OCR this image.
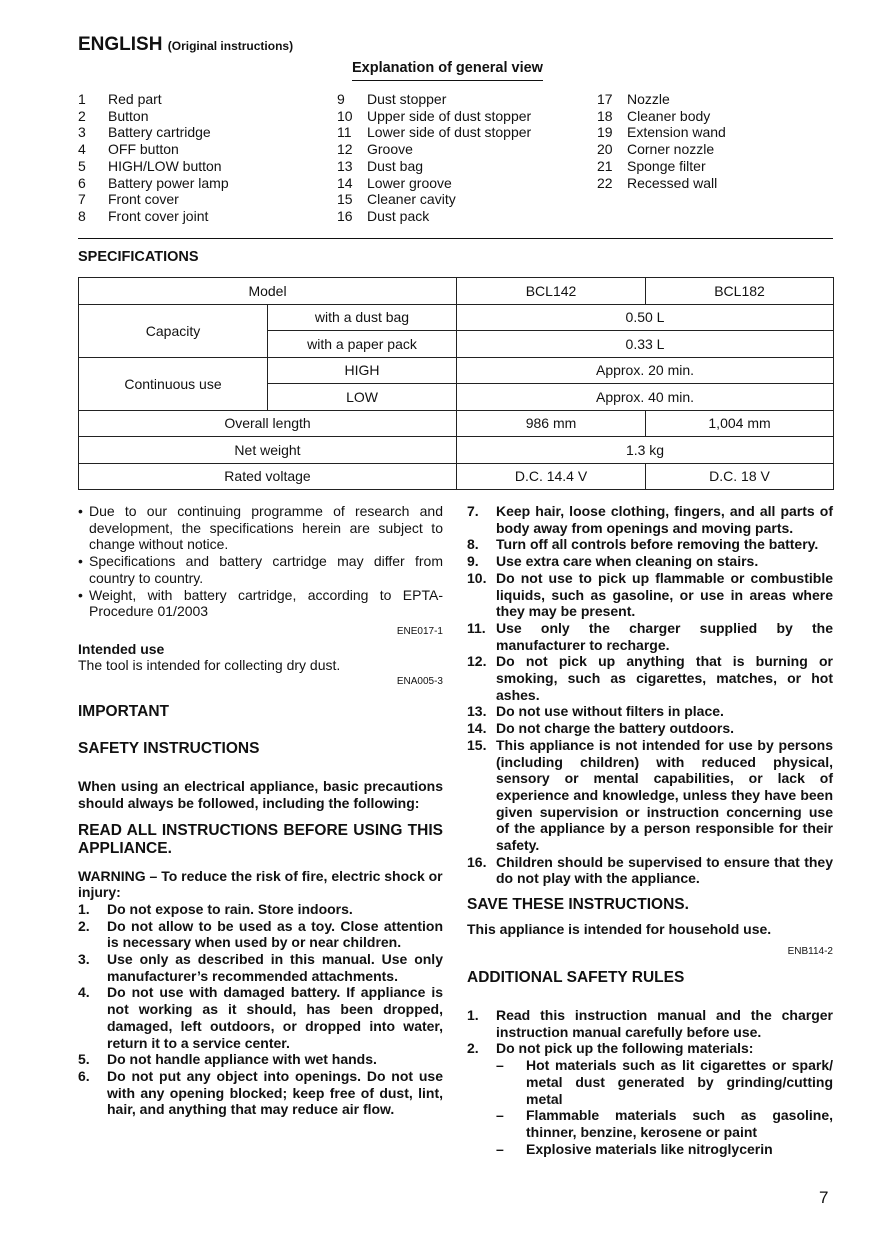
ENGLISH (Original instructions)
Explanation of general view
1	Red part
2	Button
3	Battery cartridge
4	OFF button
5	HIGH/LOW button
6	Battery power lamp
7	Front cover
8	Front cover joint
9	Dust stopper
10	Upper side of dust stopper
11	Lower side of dust stopper
12	Groove
13	Dust bag
14	Lower groove
15	Cleaner cavity
16	Dust pack
17	Nozzle
18	Cleaner body
19	Extension wand
20	Corner nozzle
21	Sponge filter
22	Recessed wall
SPECIFICATIONS
Model		BCL142	BCL182
Capacity	with a dust bag	0.50 L	
	with a paper pack	0.33 L	
Continuous use	HIGH	Approx. 20 min.	
	LOW	Approx. 40 min.	
Overall length		986 mm	1,004 mm
Net weight		1.3 kg	
Rated voltage		D.C. 14.4 V	D.C. 18 V
• Due to our continuing programme of research and development, the specifications herein are subject to change without notice.
• Specifications and battery cartridge may differ from country to country.
• Weight, with battery cartridge, according to EPTA-Procedure 01/2003
ENE017-1
Intended use
The tool is intended for collecting dry dust.
ENA005-3
IMPORTANT
SAFETY INSTRUCTIONS
When using an electrical appliance, basic precautions should always be followed, including the following:
READ ALL INSTRUCTIONS BEFORE USING THIS APPLIANCE.
WARNING – To reduce the risk of fire, electric shock or injury:
1.	Do not expose to rain. Store indoors.
2.	Do not allow to be used as a toy. Close attention is necessary when used by or near children.
3.	Use only as described in this manual. Use only manufacturer’s recommended attachments.
4.	Do not use with damaged battery. If appliance is not working as it should, has been dropped, damaged, left outdoors, or dropped into water, return it to a service center.
5.	Do not handle appliance with wet hands.
6.	Do not put any object into openings. Do not use with any opening blocked; keep free of dust, lint, hair, and anything that may reduce air flow.
7.	Keep hair, loose clothing, fingers, and all parts of body away from openings and moving parts.
8.	Turn off all controls before removing the battery.
9.	Use extra care when cleaning on stairs.
10. Do not use to pick up flammable or combustible liquids, such as gasoline, or use in areas where they may be present.
11. Use only the charger supplied by the manufacturer to recharge.
12. Do not pick up anything that is burning or smoking, such as cigarettes, matches, or hot ashes.
13. Do not use without filters in place.
14. Do not charge the battery outdoors.
15. This appliance is not intended for use by persons (including children) with reduced physical, sensory or mental capabilities, or lack of experience and knowledge, unless they have been given supervision or instruction concerning use of the appliance by a person responsible for their safety.
16. Children should be supervised to ensure that they do not play with the appliance.
SAVE THESE INSTRUCTIONS.
This appliance is intended for household use.
ENB114-2
ADDITIONAL SAFETY RULES
1.	Read this instruction manual and the charger instruction manual carefully before use.
2.	Do not pick up the following materials:
–	Hot materials such as lit cigarettes or spark/ metal dust generated by grinding/cutting metal
–	Flammable materials such as gasoline, thinner, benzine, kerosene or paint
–	Explosive materials like nitroglycerin
7
